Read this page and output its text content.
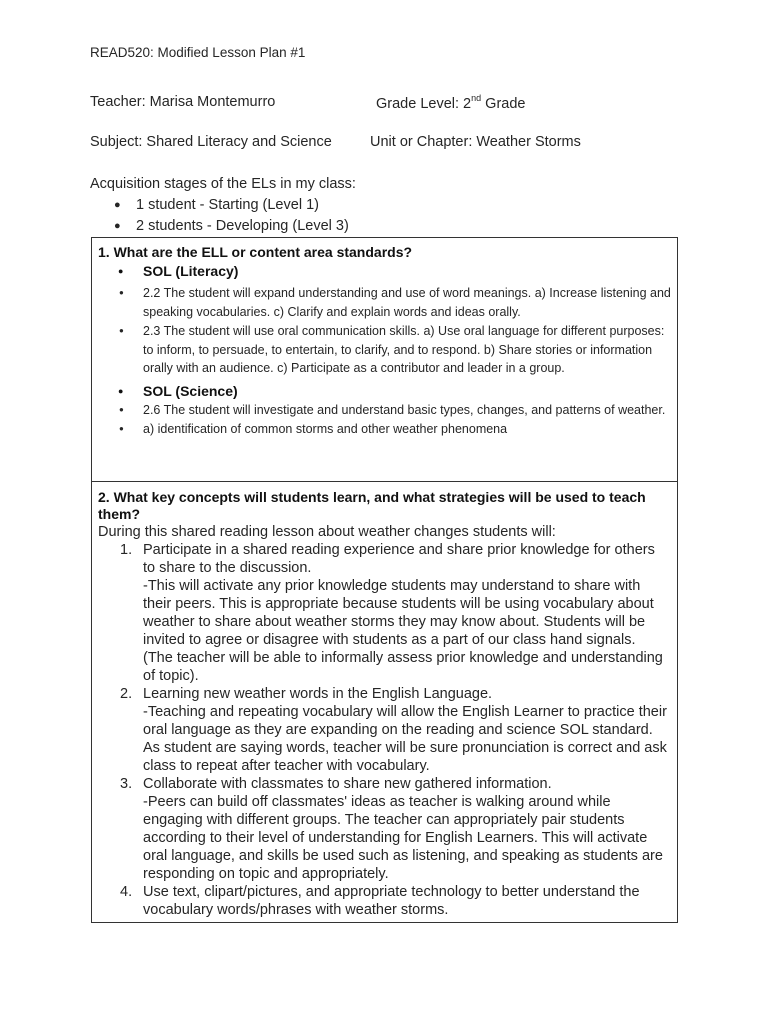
READ520: Modified Lesson Plan #1
Teacher: Marisa Montemurro	Grade Level: 2nd Grade
Subject: Shared Literacy and Science	Unit or Chapter: Weather Storms
Acquisition stages of the ELs in my class:
● 1 student - Starting (Level 1)
● 2 students - Developing (Level 3)
1. What are the ELL or content area standards?
● SOL (Literacy)
● 2.2 The student will expand understanding and use of word meanings. a) Increase listening and speaking vocabularies. c) Clarify and explain words and ideas orally.
● 2.3 The student will use oral communication skills. a) Use oral language for different purposes: to inform, to persuade, to entertain, to clarify, and to respond. b) Share stories or information orally with an audience. c) Participate as a contributor and leader in a group.
● SOL (Science)
● 2.6 The student will investigate and understand basic types, changes, and patterns of weather.
● a) identification of common storms and other weather phenomena
2. What key concepts will students learn, and what strategies will be used to teach them?
During this shared reading lesson about weather changes students will:
1. Participate in a shared reading experience and share prior knowledge for others to share to the discussion.
-This will activate any prior knowledge students may understand to share with their peers. This is appropriate because students will be using vocabulary about weather to share about weather storms they may know about. Students will be invited to agree or disagree with students as a part of our class hand signals. (The teacher will be able to informally assess prior knowledge and understanding of topic).
2. Learning new weather words in the English Language.
-Teaching and repeating vocabulary will allow the English Learner to practice their oral language as they are expanding on the reading and science SOL standard. As student are saying words, teacher will be sure pronunciation is correct and ask class to repeat after teacher with vocabulary.
3. Collaborate with classmates to share new gathered information.
-Peers can build off classmates' ideas as teacher is walking around while engaging with different groups. The teacher can appropriately pair students according to their level of understanding for English Learners. This will activate oral language, and skills be used such as listening, and speaking as students are responding on topic and appropriately.
4. Use text, clipart/pictures, and appropriate technology to better understand the vocabulary words/phrases with weather storms.
